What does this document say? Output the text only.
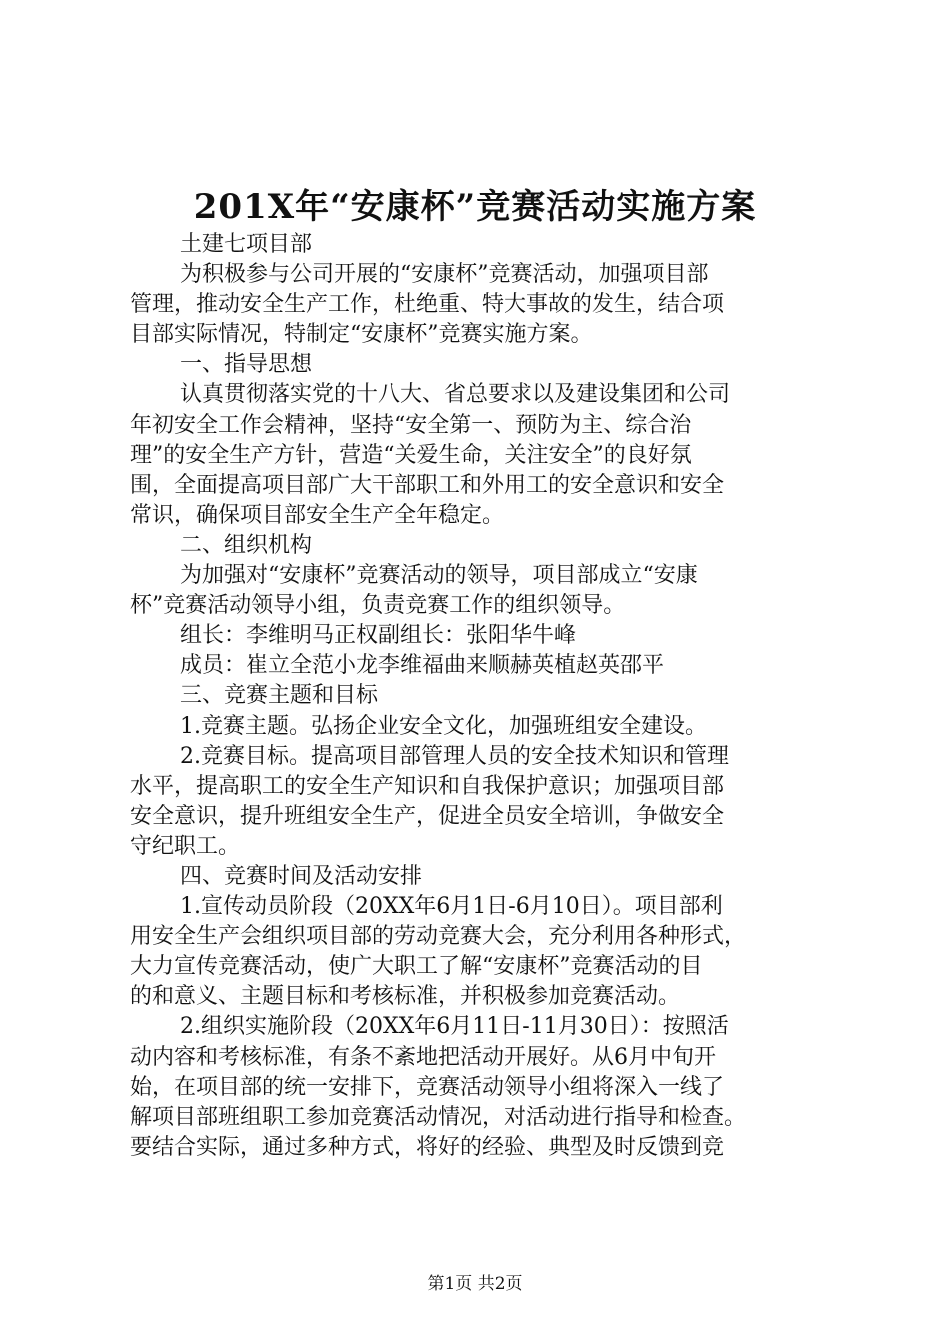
201X年“安康杯”竞赛活动实施方案
土建七项目部
为积极参与公司开展的“安康杯”竞赛活动，加强项目部
管理，推动安全生产工作，杜绝重、特大事故的发生，结合项
目部实际情况，特制定“安康杯”竞赛实施方案。
一、指导思想
认真贯彻落实党的十八大、省总要求以及建设集团和公司
年初安全工作会精神，坚持“安全第一、预防为主、综合治
理”的安全生产方针，营造“关爱生命，关注安全”的良好氛
围，全面提高项目部广大干部职工和外用工的安全意识和安全
常识，确保项目部安全生产全年稳定。
二、组织机构
为加强对“安康杯”竞赛活动的领导，项目部成立“安康
杯”竞赛活动领导小组，负责竞赛工作的组织领导。
组长：李维明马正权副组长：张阳华牛峰
成员：崔立全范小龙李维福曲来顺赫英植赵英邵平
三、竞赛主题和目标
1.竞赛主题。弘扬企业安全文化，加强班组安全建设。
2.竞赛目标。提高项目部管理人员的安全技术知识和管理
水平，提高职工的安全生产知识和自我保护意识；加强项目部
安全意识，提升班组安全生产，促进全员安全培训，争做安全
守纪职工。
四、竞赛时间及活动安排
1.宣传动员阶段（20XX年6月1日-6月10日）。项目部利
用安全生产会组织项目部的劳动竞赛大会，充分利用各种形式，
大力宣传竞赛活动，使广大职工了解“安康杯”竞赛活动的目
的和意义、主题目标和考核标准，并积极参加竞赛活动。
2.组织实施阶段（20XX年6月11日-11月30日）：按照活
动内容和考核标准，有条不紊地把活动开展好。从6月中旬开
始，在项目部的统一安排下，竞赛活动领导小组将深入一线了
解项目部班组职工参加竞赛活动情况，对活动进行指导和检查。
要结合实际，通过多种方式，将好的经验、典型及时反馈到竞
第1页 共2页
